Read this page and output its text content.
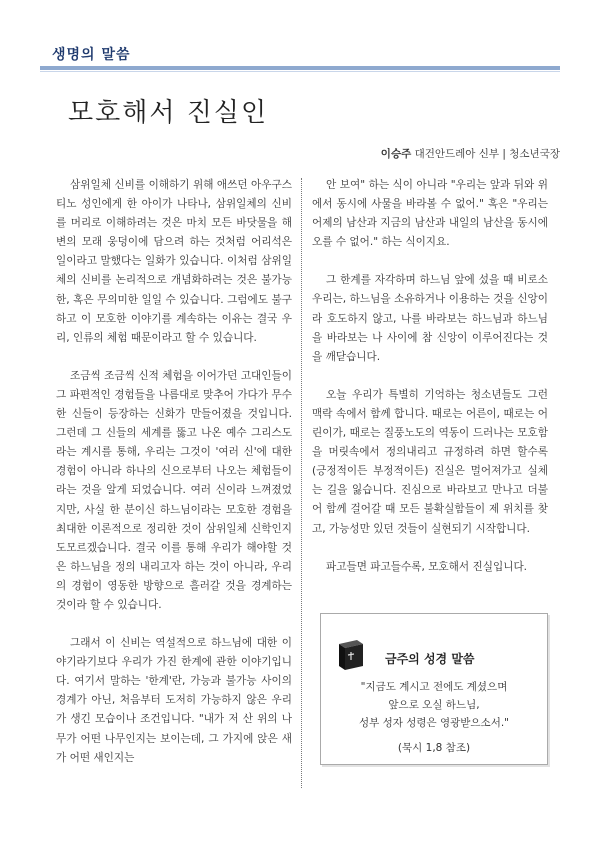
생명의 말씀
모호해서 진실인
이승주 대건안드레아 신부 | 청소년국장

삼위일체 신비를 이해하기 위해 애쓰던 아우구스티노 성인에게 한 아이가 나타나, 삼위일체의 신비를 머리로 이해하려는 것은 마치 모든 바닷물을 해변의 모래 웅덩이에 담으려 하는 것처럼 어리석은 일이라고 말했다는 일화가 있습니다. 이처럼 삼위일체의 신비를 논리적으로 개념화하려는 것은 불가능한, 혹은 무의미한 일일 수 있습니다. 그럼에도 불구하고 이 모호한 이야기를 계속하는 이유는 결국 우리, 인류의 체험 때문이라고 할 수 있습니다.

조금씩 조금씩 신적 체험을 이어가던 고대인들이 그 파편적인 경험들을 나름대로 맞추어 가다가 무수한 신들이 등장하는 신화가 만들어졌을 것입니다. 그런데 그 신들의 세계를 뚫고 나온 예수 그리스도라는 계시를 통해, 우리는 그것이 '여러 신'에 대한 경험이 아니라 하나의 신으로부터 나오는 체험들이라는 것을 알게 되었습니다. 여러 신이라 느껴졌었지만, 사실 한 분이신 하느님이라는 모호한 경험을 최대한 이론적으로 정리한 것이 삼위일체 신학인지도모르겠습니다. 결국 이를 통해 우리가 해야할 것은 하느님을 정의 내리고자 하는 것이 아니라, 우리의 경험이 영동한 방향으로 흘러갈 것을 경계하는 것이라 할 수 있습니다.

그래서 이 신비는 역설적으로 하느님에 대한 이야기라기보다 우리가 가진 한계에 관한 이야기입니다. 여기서 말하는 '한계'란, 가능과 불가능 사이의 경계가 아닌, 처음부터 도저히 가능하지 않은 우리가 생긴 모습이나 조건입니다. "내가 저 산 위의 나무가 어떤 나무인지는 보이는데, 그 가지에 앉은 새가 어떤 새인지는

안 보여" 하는 식이 아니라 "우리는 앞과 뒤와 위에서 동시에 사물을 바라볼 수 없어." 혹은 "우리는 어제의 남산과 지금의 남산과 내일의 남산을 동시에 오를 수 없어." 하는 식이지요.

그 한계를 자각하며 하느님 앞에 섰을 때 비로소 우리는, 하느님을 소유하거나 이용하는 것을 신앙이라 호도하지 않고, 나를 바라보는 하느님과 하느님을 바라보는 나 사이에 참 신앙이 이루어진다는 것을 깨닫습니다.

오늘 우리가 특별히 기억하는 청소년들도 그런 맥락 속에서 함께 합니다. 때로는 어른이, 때로는 어린이가, 때로는 질풍노도의 역동이 드러나는 모호함을 머릿속에서 정의내리고 규정하려 하면 할수록 (긍정적이든 부정적이든) 진실은 멀어져가고 실체는 길을 잃습니다. 진심으로 바라보고 만나고 더불어 함께 걸어갈 때 모든 불확실함들이 제 위치를 찾고, 가능성만 있던 것들이 실현되기 시작합니다.

파고들면 파고들수록, 모호해서 진실입니다.

금주의 성경 말씀
"지금도 계시고 전에도 계셨으며
앞으로 오실 하느님,
성부 성자 성령은 영광받으소서."
(묵시 1,8 참조)
